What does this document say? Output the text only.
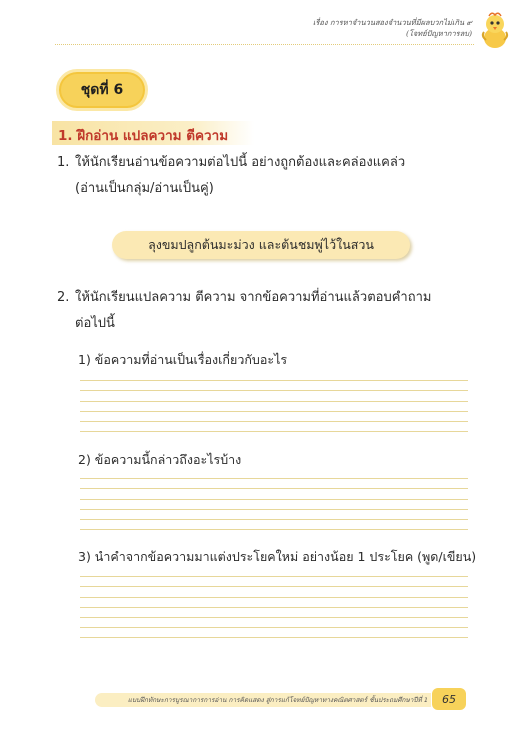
เรื่อง การหาจำนวนสองจำนวนที่มีผลบวกไม่เกิน ๙
(โจทย์ปัญหาการลบ)
ชุดที่ 6
1. ฝึกอ่าน แปลความ ตีความ
1. ให้นักเรียนอ่านข้อความต่อไปนี้ อย่างถูกต้องและคล่องแคล่ว
(อ่านเป็นกลุ่ม/อ่านเป็นคู่)
ลุงขมปลูกต้นมะม่วง และต้นชมพู่ไว้ในสวน
2. ให้นักเรียนแปลความ ตีความ จากข้อความที่อ่านแล้วตอบคำถาม
ต่อไปนี้
1) ข้อความที่อ่านเป็นเรื่องเกี่ยวกับอะไร
2) ข้อความนี้กล่าวถึงอะไรบ้าง
3) นำคำจากข้อความมาแต่งประโยคใหม่ อย่างน้อย 1 ประโยค (พูด/เขียน)
แบบฝึกทักษะการบูรณาการการอ่าน การคิดแสดง สู่การแก้โจทย์ปัญหาทางคณิตศาสตร์ ชั้นประถมศึกษาปีที่ 1	65
